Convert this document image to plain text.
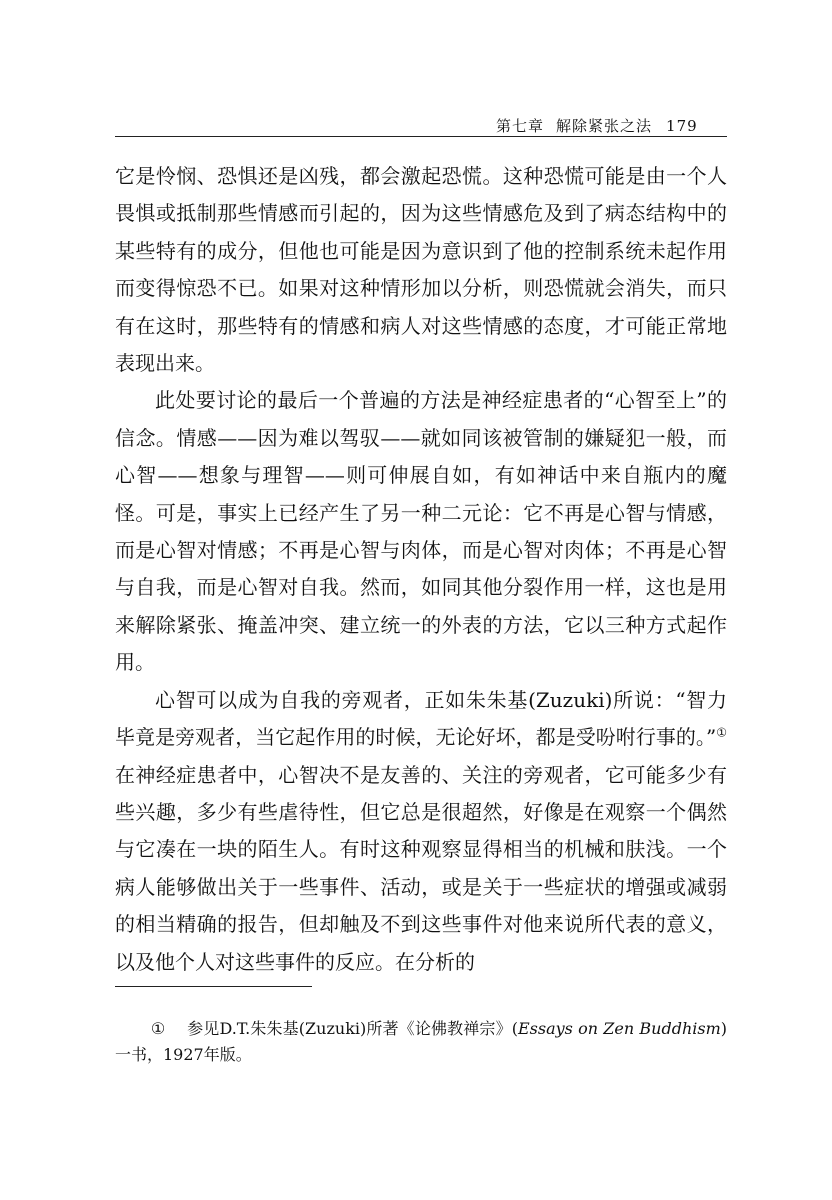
第七章 解除紧张之法 179

它是怜悯、恐惧还是凶残，都会激起恐慌。这种恐慌可能是由一个人畏惧或抵制那些情感而引起的，因为这些情感危及到了病态结构中的某些特有的成分，但他也可能是因为意识到了他的控制系统未起作用而变得惊恐不已。如果对这种情形加以分析，则恐慌就会消失，而只有在这时，那些特有的情感和病人对这些情感的态度，才可能正常地表现出来。

此处要讨论的最后一个普遍的方法是神经症患者的“心智至上”的信念。情感——因为难以驾驭——就如同该被管制的嫌疑犯一般，而心智——想象与理智——则可伸展自如，有如神话中来自瓶内的魔怪。可是，事实上已经产生了另一种二元论：它不再是心智与情感，而是心智对情感；不再是心智与肉体，而是心智对肉体；不再是心智与自我，而是心智对自我。然而，如同其他分裂作用一样，这也是用来解除紧张、掩盖冲突、建立统一的外表的方法，它以三种方式起作用。

心智可以成为自我的旁观者，正如朱朱基(Zuzuki)所说：“智力毕竟是旁观者，当它起作用的时候，无论好坏，都是受吩咐行事的。”① 在神经症患者中，心智决不是友善的、关注的旁观者，它可能多少有些兴趣，多少有些虐待性，但它总是很超然，好像是在观察一个偶然与它凑在一块的陌生人。有时这种观察显得相当的机械和肤浅。一个病人能够做出关于一些事件、活动，或是关于一些症状的增强或减弱的相当精确的报告，但却触及不到这些事件对他来说所代表的意义，以及他个人对这些事件的反应。在分析的

① 参见D.T.朱朱基(Zuzuki)所著《论佛教禅宗》(Essays on Zen Buddhism)一书，1927年版。
